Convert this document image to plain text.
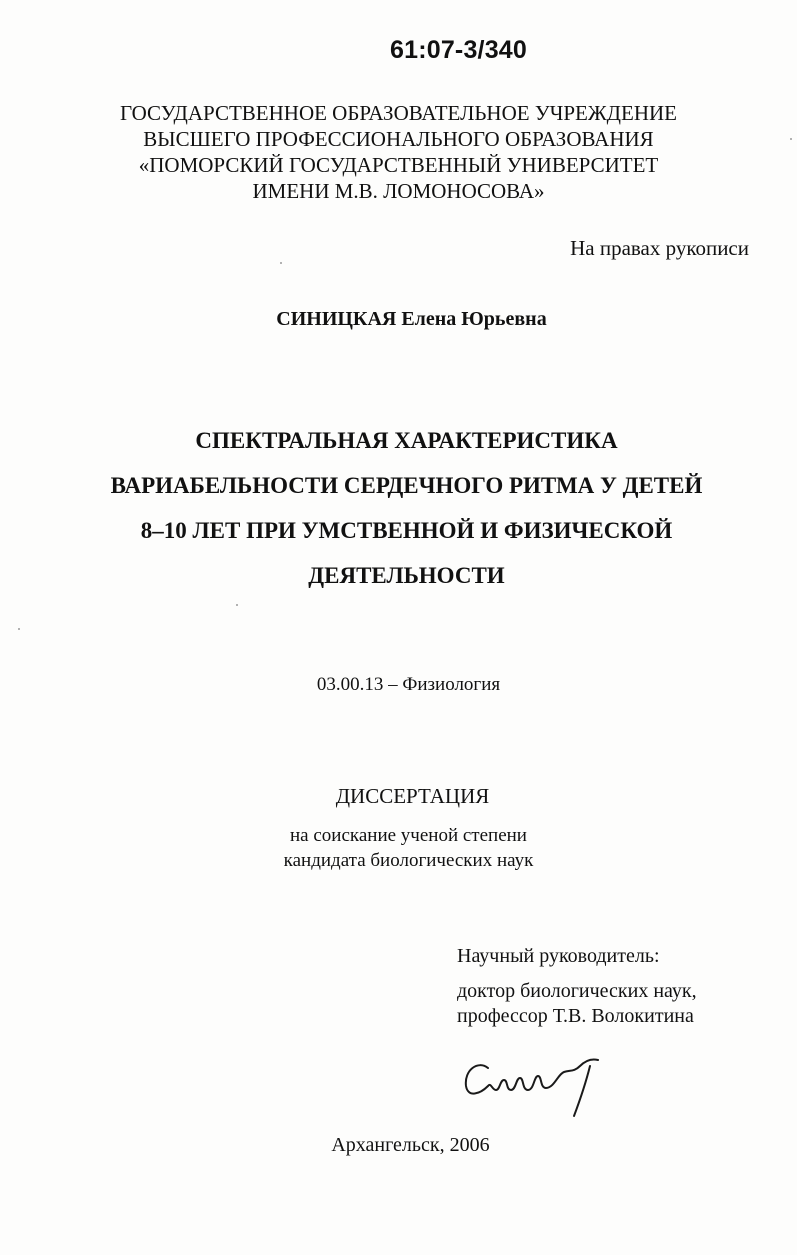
61:07-3/340
ГОСУДАРСТВЕННОЕ ОБРАЗОВАТЕЛЬНОЕ УЧРЕЖДЕНИЕ
ВЫСШЕГО ПРОФЕССИОНАЛЬНОГО ОБРАЗОВАНИЯ
«ПОМОРСКИЙ ГОСУДАРСТВЕННЫЙ УНИВЕРСИТЕТ
ИМЕНИ М.В. ЛОМОНОСОВА»
На правах рукописи
СИНИЦКАЯ Елена Юрьевна
СПЕКТРАЛЬНАЯ ХАРАКТЕРИСТИКА
ВАРИАБЕЛЬНОСТИ СЕРДЕЧНОГО РИТМА У ДЕТЕЙ
8–10 ЛЕТ ПРИ УМСТВЕННОЙ И ФИЗИЧЕСКОЙ
ДЕЯТЕЛЬНОСТИ
03.00.13 – Физиология
ДИССЕРТАЦИЯ
на соискание ученой степени
кандидата биологических наук
Научный руководитель:
доктор биологических наук,
профессор Т.В. Волокитина
Архангельск, 2006
